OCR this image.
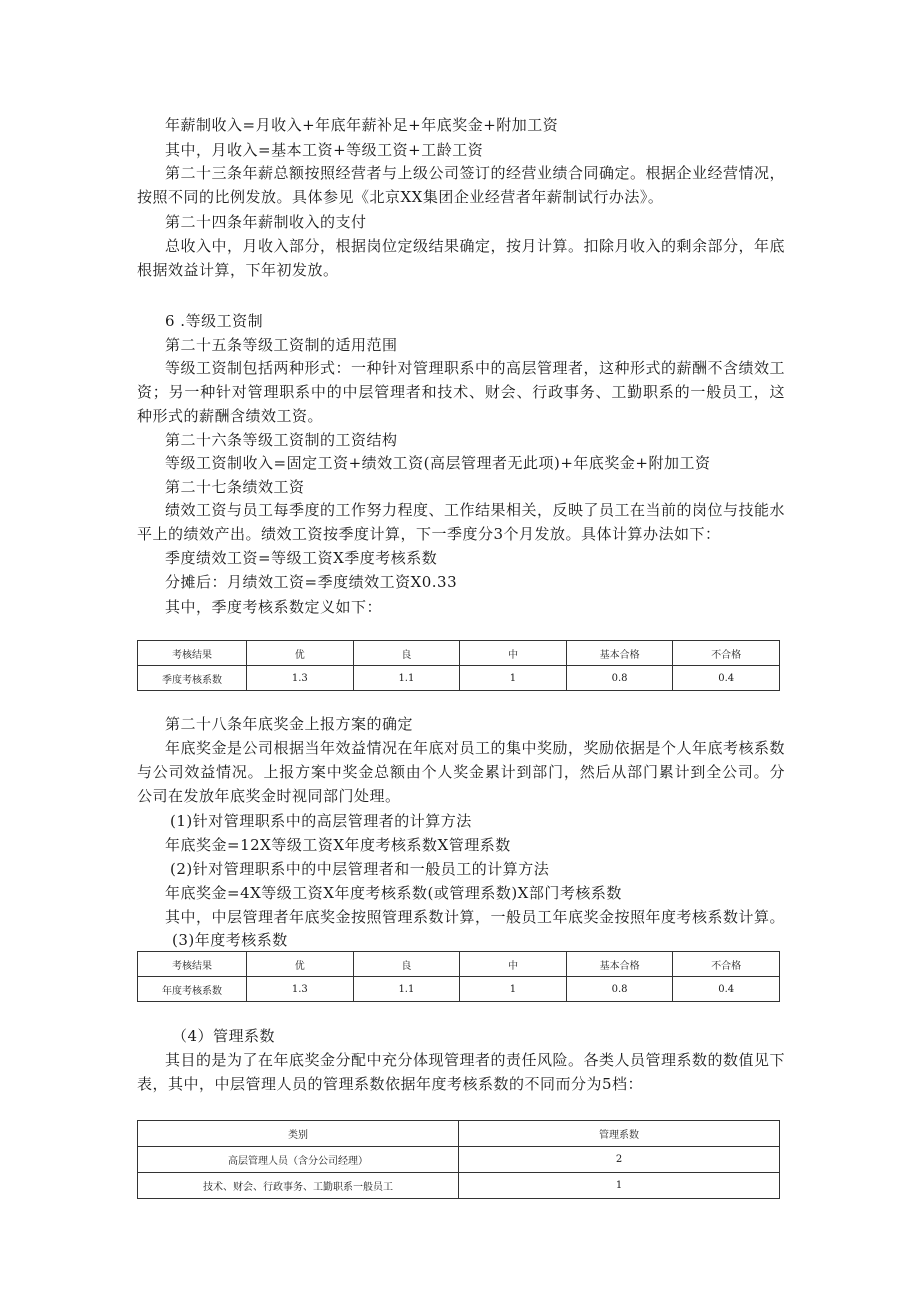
年薪制收入=月收入+年底年薪补足+年底奖金+附加工资
其中，月收入=基本工资+等级工资+工龄工资
第二十三条年薪总额按照经营者与上级公司签订的经营业绩合同确定。根据企业经营情况，按照不同的比例发放。具体参见《北京XX集团企业经营者年薪制试行办法》。
第二十四条年薪制收入的支付
总收入中，月收入部分，根据岗位定级结果确定，按月计算。扣除月收入的剩余部分，年底根据效益计算，下年初发放。
6 .等级工资制
第二十五条等级工资制的适用范围
等级工资制包括两种形式：一种针对管理职系中的高层管理者，这种形式的薪酬不含绩效工资；另一种针对管理职系中的中层管理者和技术、财会、行政事务、工勤职系的一般员工，这种形式的薪酬含绩效工资。
第二十六条等级工资制的工资结构
等级工资制收入=固定工资+绩效工资(高层管理者无此项)+年底奖金+附加工资
第二十七条绩效工资
绩效工资与员工每季度的工作努力程度、工作结果相关，反映了员工在当前的岗位与技能水平上的绩效产出。绩效工资按季度计算，下一季度分3个月发放。具体计算办法如下：
季度绩效工资=等级工资X季度考核系数
分摊后：月绩效工资=季度绩效工资X0.33
其中，季度考核系数定义如下：
考核结果	优	良	中	基本合格	不合格
季度考核系数	1.3	1.1	1	0.8	0.4
第二十八条年底奖金上报方案的确定
年底奖金是公司根据当年效益情况在年底对员工的集中奖励，奖励依据是个人年底考核系数与公司效益情况。上报方案中奖金总额由个人奖金累计到部门，然后从部门累计到全公司。分公司在发放年底奖金时视同部门处理。
(1)针对管理职系中的高层管理者的计算方法
年底奖金=12X等级工资X年度考核系数X管理系数
(2)针对管理职系中的中层管理者和一般员工的计算方法
年底奖金=4X等级工资X年度考核系数(或管理系数)X部门考核系数
其中，中层管理者年底奖金按照管理系数计算，一般员工年底奖金按照年度考核系数计算。
(3)年度考核系数
考核结果	优	良	中	基本合格	不合格
年度考核系数	1.3	1.1	1	0.8	0.4
（4）管理系数
其目的是为了在年底奖金分配中充分体现管理者的责任风险。各类人员管理系数的数值见下表，其中，中层管理人员的管理系数依据年度考核系数的不同而分为5档：
类别	管理系数
高层管理人员（含分公司经理）	2
技术、财会、行政事务、工勤职系一般员工	1
